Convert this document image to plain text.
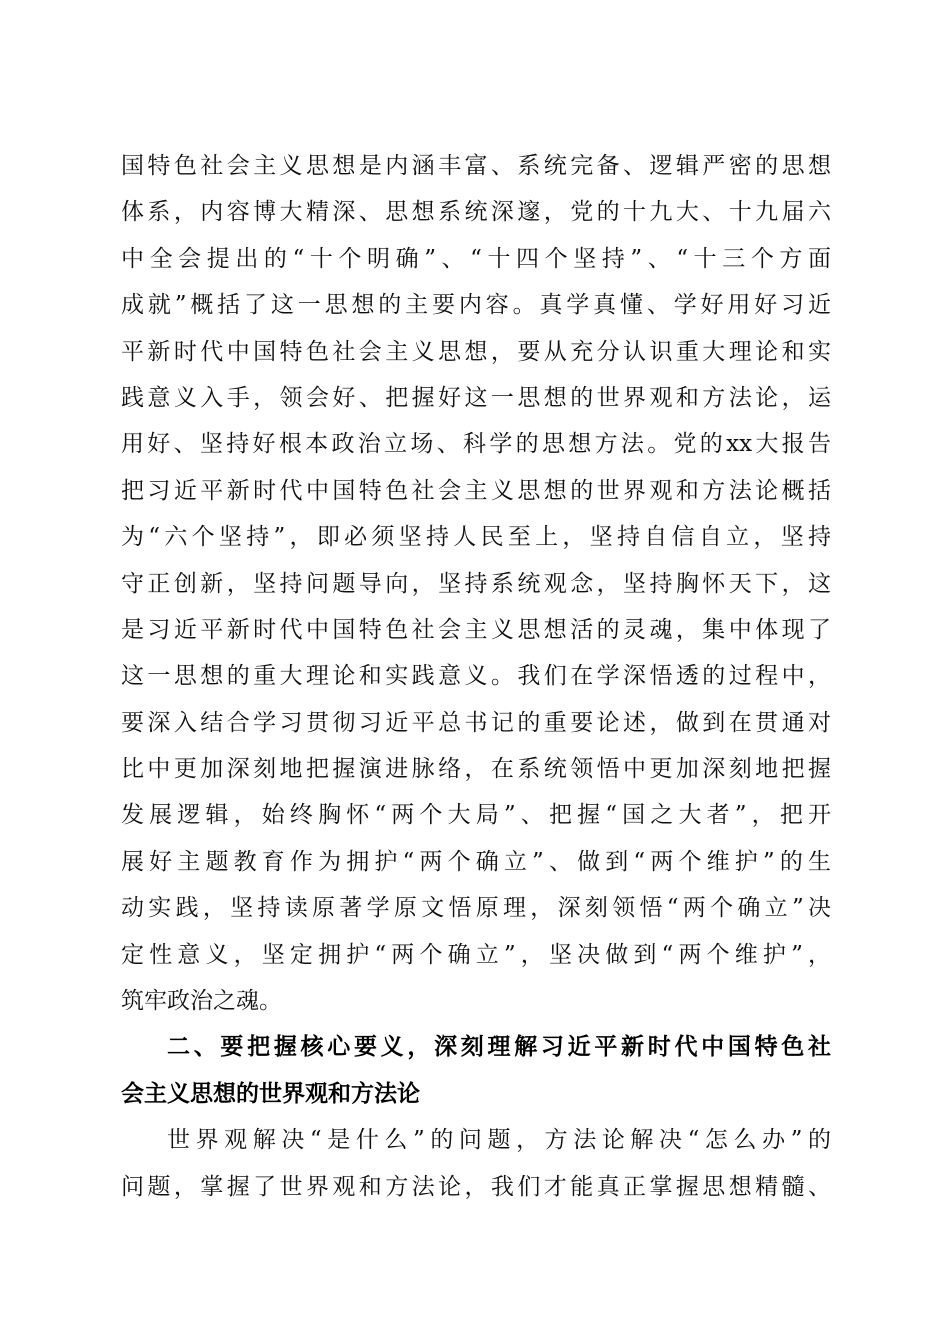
国特色社会主义思想是内涵丰富、系统完备、逻辑严密的思想
体系，内容博大精深、思想系统深邃，党的十九大、十九届六
中全会提出的“十个明确”、“十四个坚持”、“十三个方面
成就”概括了这一思想的主要内容。真学真懂、学好用好习近
平新时代中国特色社会主义思想，要从充分认识重大理论和实
践意义入手，领会好、把握好这一思想的世界观和方法论，运
用好、坚持好根本政治立场、科学的思想方法。党的xx大报告
把习近平新时代中国特色社会主义思想的世界观和方法论概括
为“六个坚持”，即必须坚持人民至上，坚持自信自立，坚持
守正创新，坚持问题导向，坚持系统观念，坚持胸怀天下，这
是习近平新时代中国特色社会主义思想活的灵魂，集中体现了
这一思想的重大理论和实践意义。我们在学深悟透的过程中，
要深入结合学习贯彻习近平总书记的重要论述，做到在贯通对
比中更加深刻地把握演进脉络，在系统领悟中更加深刻地把握
发展逻辑，始终胸怀“两个大局”、把握“国之大者”，把开
展好主题教育作为拥护“两个确立”、做到“两个维护”的生
动实践，坚持读原著学原文悟原理，深刻领悟“两个确立”决
定性意义，坚定拥护“两个确立”，坚决做到“两个维护”，
筑牢政治之魂。
二、要把握核心要义，深刻理解习近平新时代中国特色社
会主义思想的世界观和方法论
世界观解决“是什么”的问题，方法论解决“怎么办”的
问题，掌握了世界观和方法论，我们才能真正掌握思想精髓、
